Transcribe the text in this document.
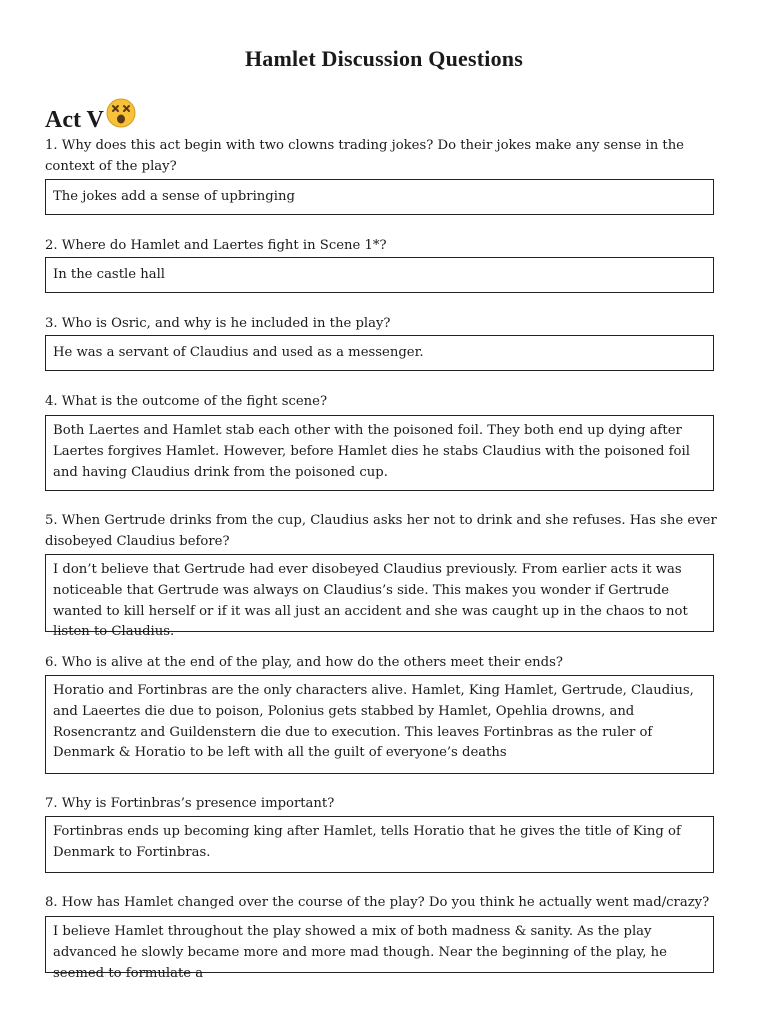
Hamlet Discussion Questions
Act V

1. Why does this act begin with two clowns trading jokes? Do their jokes make any sense in the context of the play?

The jokes add a sense of upbringing

2. Where do Hamlet and Laertes fight in Scene 1*?

In the castle hall

3. Who is Osric, and why is he included in the play?

He was a servant of Claudius and used as a messenger.

4. What is the outcome of the fight scene?

Both Laertes and Hamlet stab each other with the poisoned foil. They both end up dying after Laertes forgives Hamlet. However, before Hamlet dies he stabs Claudius with the poisoned foil and having Claudius drink from the poisoned cup.

5. When Gertrude drinks from the cup, Claudius asks her not to drink and she refuses. Has she ever disobeyed Claudius before?

I don’t believe that Gertrude had ever disobeyed Claudius previously. From earlier acts it was noticeable that Gertrude was always on Claudius’s side. This makes you wonder if Gertrude wanted to kill herself or if it was all just an accident and she was caught up in the chaos to not listen to Claudius.

6. Who is alive at the end of the play, and how do the others meet their ends?

Horatio and Fortinbras are the only characters alive. Hamlet, King Hamlet, Gertrude, Claudius, and Laeertes die due to poison, Polonius gets stabbed by Hamlet, Opehlia drowns, and Rosencrantz and Guildenstern die due to execution. This leaves Fortinbras as the ruler of Denmark & Horatio to be left with all the guilt of everyone’s deaths

7. Why is Fortinbras’s presence important?

Fortinbras ends up becoming king after Hamlet, tells Horatio that he gives the title of King of Denmark to Fortinbras.

8. How has Hamlet changed over the course of the play? Do you think he actually went mad/crazy?

I believe Hamlet throughout the play showed a mix of both madness & sanity. As the play advanced he slowly became more and more mad though. Near the beginning of the play, he seemed to formulate a
